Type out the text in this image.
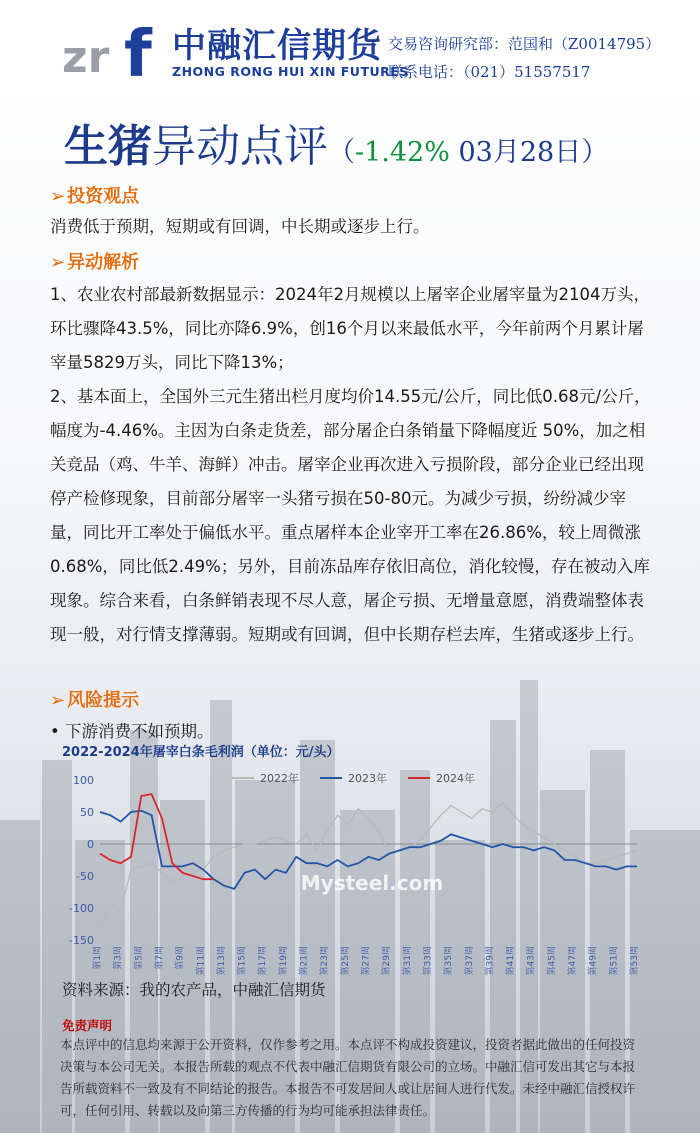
zr f 中融汇信期货
ZHONG RONG HUI XIN FUTURES
交易咨询研究部：范国和（Z0014795）
联系电话：（021）51557517
生猪异动点评（-1.42% 03月28日）
➢ 投资观点
消费低于预期，短期或有回调，中长期或逐步上行。
➢ 异动解析
1、农业农村部最新数据显示：2024年2月规模以上屠宰企业屠宰量为2104万头，环比骤降43.5%，同比亦降6.9%，创16个月以来最低水平，今年前两个月累计屠宰量5829万头，同比下降13%；
2、基本面上，全国外三元生猪出栏月度均价14.55元/公斤，同比低0.68元/公斤，幅度为-4.46%。主因为白条走货差，部分屠企白条销量下降幅度近 50%，加之相关竞品（鸡、牛羊、海鲜）冲击。屠宰企业再次进入亏损阶段，部分企业已经出现停产检修现象，目前部分屠宰一头猪亏损在50-80元。为减少亏损，纷纷减少宰量，同比开工率处于偏低水平。重点屠样本企业宰开工率在26.86%，较上周微涨0.68%，同比低2.49%；另外，目前冻品库存依旧高位，消化较慢，存在被动入库现象。综合来看，白条鲜销表现不尽人意，屠企亏损、无增量意愿，消费端整体表现一般，对行情支撑薄弱。短期或有回调，但中长期存栏去库，生猪或逐步上行。
➢ 风险提示
• 下游消费不如预期。
2022-2024年屠宰白条毛利润（单位：元/头）
100
50
0
-50
-100
-150
Mysteel.com
第1周 第3周 第5周 第7周 第9周 第11周 第13周 第15周 第17周 第19周 第21周 第23周 第25周 第27周 第29周 第31周 第33周 第35周 第37周 第39周 第41周 第43周 第45周 第47周 第49周 第51周 第53周
2022年	2023年	2024年
资料来源：我的农产品，中融汇信期货
免责声明
本点评中的信息均来源于公开资料，仅作参考之用。本点评不构成投资建议，投资者据此做出的任何投资决策与本公司无关。本报告所载的观点不代表中融汇信期货有限公司的立场。中融汇信可发出其它与本报告所载资料不一致及有不同结论的报告。本报告不可发居间人或让居间人进行代发。未经中融汇信授权许可，任何引用、转载以及向第三方传播的行为均可能承担法律责任。
